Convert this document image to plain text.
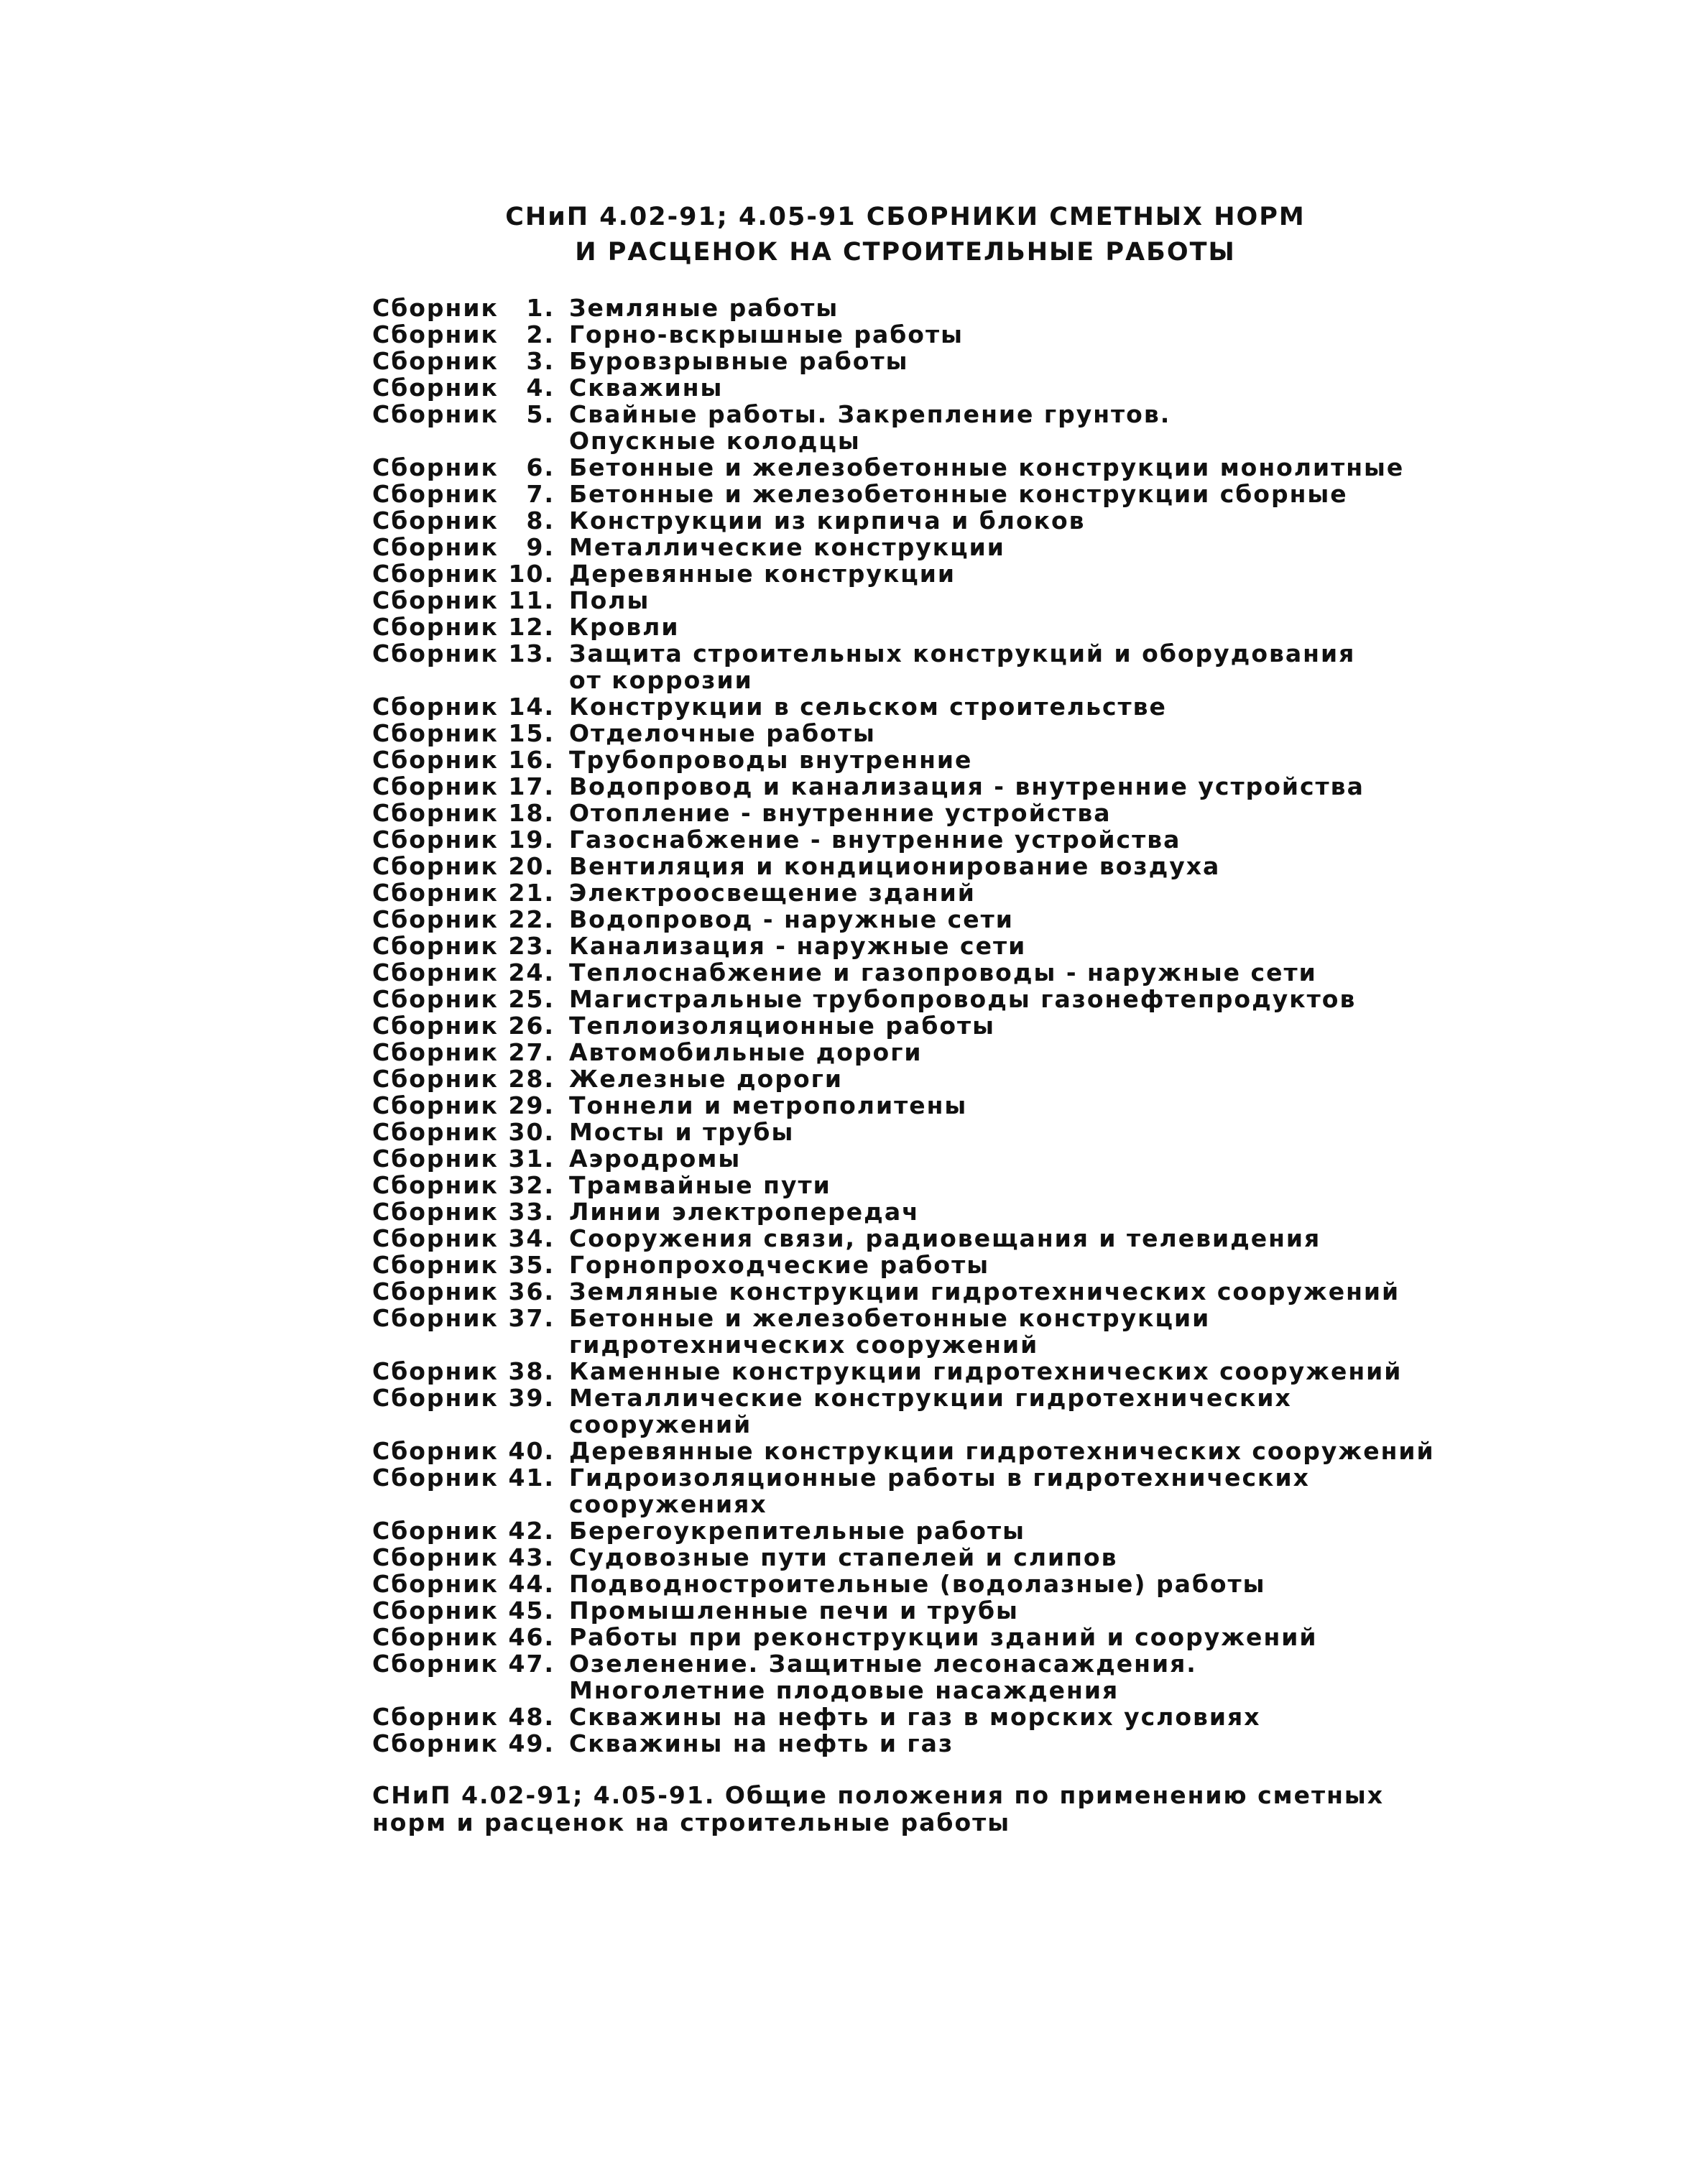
СНиП 4.02-91; 4.05-91 СБОРНИКИ СМЕТНЫХ НОРМ
И РАСЦЕНОК НА СТРОИТЕЛЬНЫЕ РАБОТЫ
Сборник	1. Земляные работы
Сборник	2. Горно-вскрышные работы
Сборник	3. Буровзрывные работы
Сборник	4. Скважины
Сборник	5. Свайные работы. Закрепление грунтов.
Опускные колодцы
Сборник	6. Бетонные и железобетонные конструкции монолитные
Сборник	7. Бетонные и железобетонные конструкции сборные
Сборник	8. Конструкции из кирпича и блоков
Сборник	9. Металлические конструкции
Сборник 10. Деревянные конструкции
Сборник 11. Полы
Сборник 12. Кровли
Сборник 13. Защита строительных конструкций и оборудования
от коррозии
Сборник 14. Конструкции в сельском строительстве
Сборник 15. Отделочные работы
Сборник 16. Трубопроводы внутренние
Сборник 17. Водопровод и канализация - внутренние устройства
Сборник 18. Отопление - внутренние устройства
Сборник 19. Газоснабжение - внутренние устройства
Сборник 20. Вентиляция и кондиционирование воздуха
Сборник 21. Электроосвещение зданий
Сборник 22. Водопровод - наружные сети
Сборник 23. Канализация - наружные сети
Сборник 24. Теплоснабжение и газопроводы - наружные сети
Сборник 25. Магистральные трубопроводы газонефтепродуктов
Сборник 26. Теплоизоляционные работы
Сборник 27. Автомобильные дороги
Сборник 28. Железные дороги
Сборник 29. Тоннели и метрополитены
Сборник 30. Мосты и трубы
Сборник 31. Аэродромы
Сборник 32. Трамвайные пути
Сборник 33. Линии электропередач
Сборник 34. Сооружения связи, радиовещания и телевидения
Сборник 35. Горнопроходческие работы
Сборник 36. Земляные конструкции гидротехнических сооружений
Сборник 37. Бетонные и железобетонные конструкции
гидротехнических сооружений
Сборник 38. Каменные конструкции гидротехнических сооружений
Сборник 39. Металлические конструкции гидротехнических
сооружений
Сборник 40. Деревянные конструкции гидротехнических сооружений
Сборник 41. Гидроизоляционные работы в гидротехнических
сооружениях
Сборник 42. Берегоукрепительные работы
Сборник 43. Судовозные пути стапелей и слипов
Сборник 44. Подводностроительные (водолазные) работы
Сборник 45. Промышленные печи и трубы
Сборник 46. Работы при реконструкции зданий и сооружений
Сборник 47. Озеленение. Защитные лесонасаждения.
Многолетние плодовые насаждения
Сборник 48. Скважины на нефть и газ в морских условиях
Сборник 49. Скважины на нефть и газ
СНиП 4.02-91; 4.05-91. Общие положения по применению сметных
норм и расценок на строительные работы
